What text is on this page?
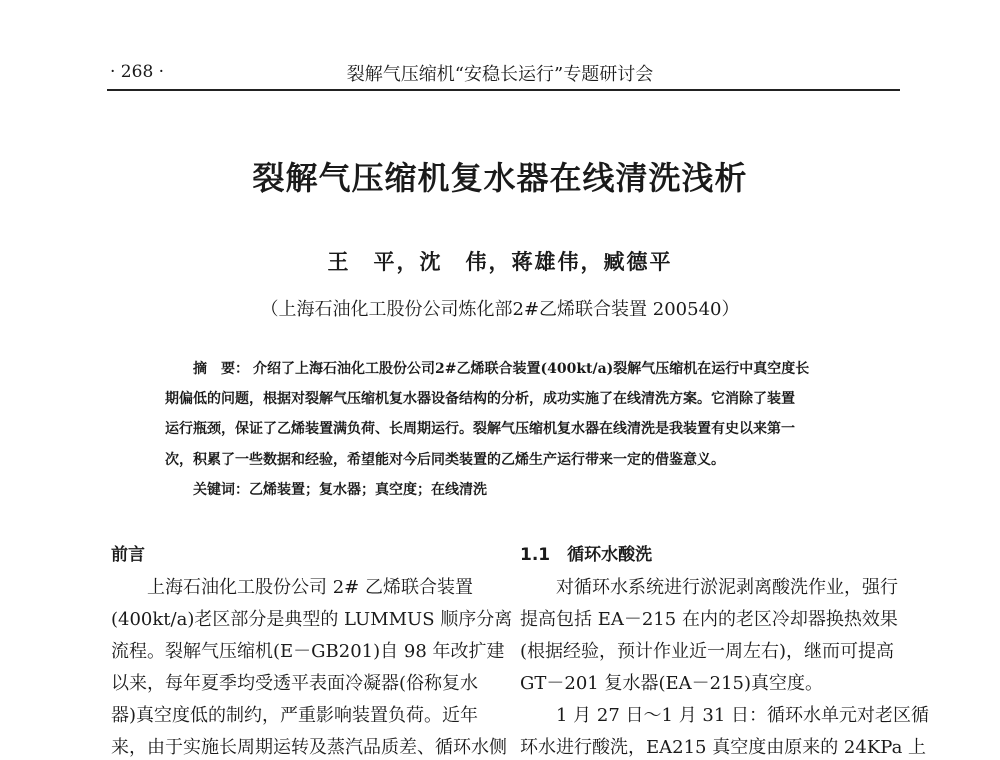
· 268 ·	裂解气压缩机“安稳长运行”专题研讨会
裂解气压缩机复水器在线清洗浅析
王　平，沈　伟，蒋雄伟，臧德平
（上海石油化工股份公司炼化部2#乙烯联合装置 200540）
摘　要： 介绍了上海石油化工股份公司2#乙烯联合装置(400kt/a)裂解气压缩机在运行中真空度长
期偏低的问题，根据对裂解气压缩机复水器设备结构的分析，成功实施了在线清洗方案。它消除了装置
运行瓶颈，保证了乙烯装置满负荷、长周期运行。裂解气压缩机复水器在线清洗是我装置有史以来第一
次，积累了一些数据和经验，希望能对今后同类装置的乙烯生产运行带来一定的借鉴意义。
关键词：乙烯装置；复水器；真空度；在线清洗
前言
上海石油化工股份公司 2# 乙烯联合装置
(400kt/a)老区部分是典型的 LUMMUS 顺序分离
流程。裂解气压缩机(E－GB201)自 98 年改扩建
以来，每年夏季均受透平表面冷凝器(俗称复水
器)真空度低的制约，严重影响装置负荷。近年
来，由于实施长周期运转及蒸汽品质差、循环水侧
1.1　循环水酸洗
对循环水系统进行淤泥剥离酸洗作业，强行
提高包括 EA－215 在内的老区冷却器换热效果
(根据经验，预计作业近一周左右)，继而可提高
GT－201 复水器(EA－215)真空度。
1 月 27 日～1 月 31 日：循环水单元对老区循
环水进行酸洗，EA215 真空度由原来的 24KPa 上
